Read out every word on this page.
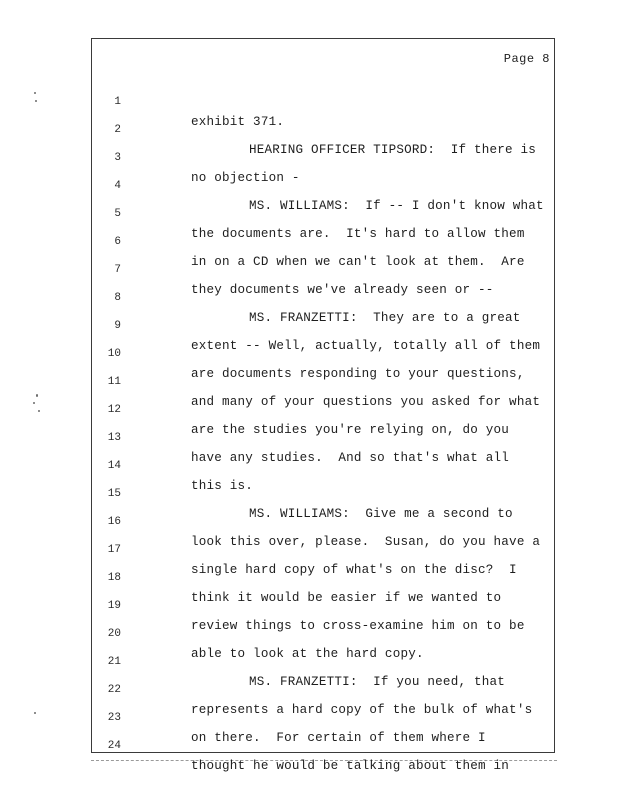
Page 8

1

exhibit 371.

2

HEARING OFFICER TIPSORD:  If there is

3

no objection -

4

MS. WILLIAMS:  If -- I don't know what

5

the documents are.  It's hard to allow them

6

in on a CD when we can't look at them.  Are

7

they documents we've already seen or --

8

MS. FRANZETTI:  They are to a great

9

extent -- Well, actually, totally all of them

10

are documents responding to your questions,

11

and many of your questions you asked for what

12

are the studies you're relying on, do you

13

have any studies.  And so that's what all

14

this is.

15

MS. WILLIAMS:  Give me a second to

16

look this over, please.  Susan, do you have a

17

single hard copy of what's on the disc?  I

18

think it would be easier if we wanted to

19

review things to cross-examine him on to be

20

able to look at the hard copy.

21

MS. FRANZETTI:  If you need, that

22

represents a hard copy of the bulk of what's

23

on there.  For certain of them where I

24

thought he would be talking about them in
